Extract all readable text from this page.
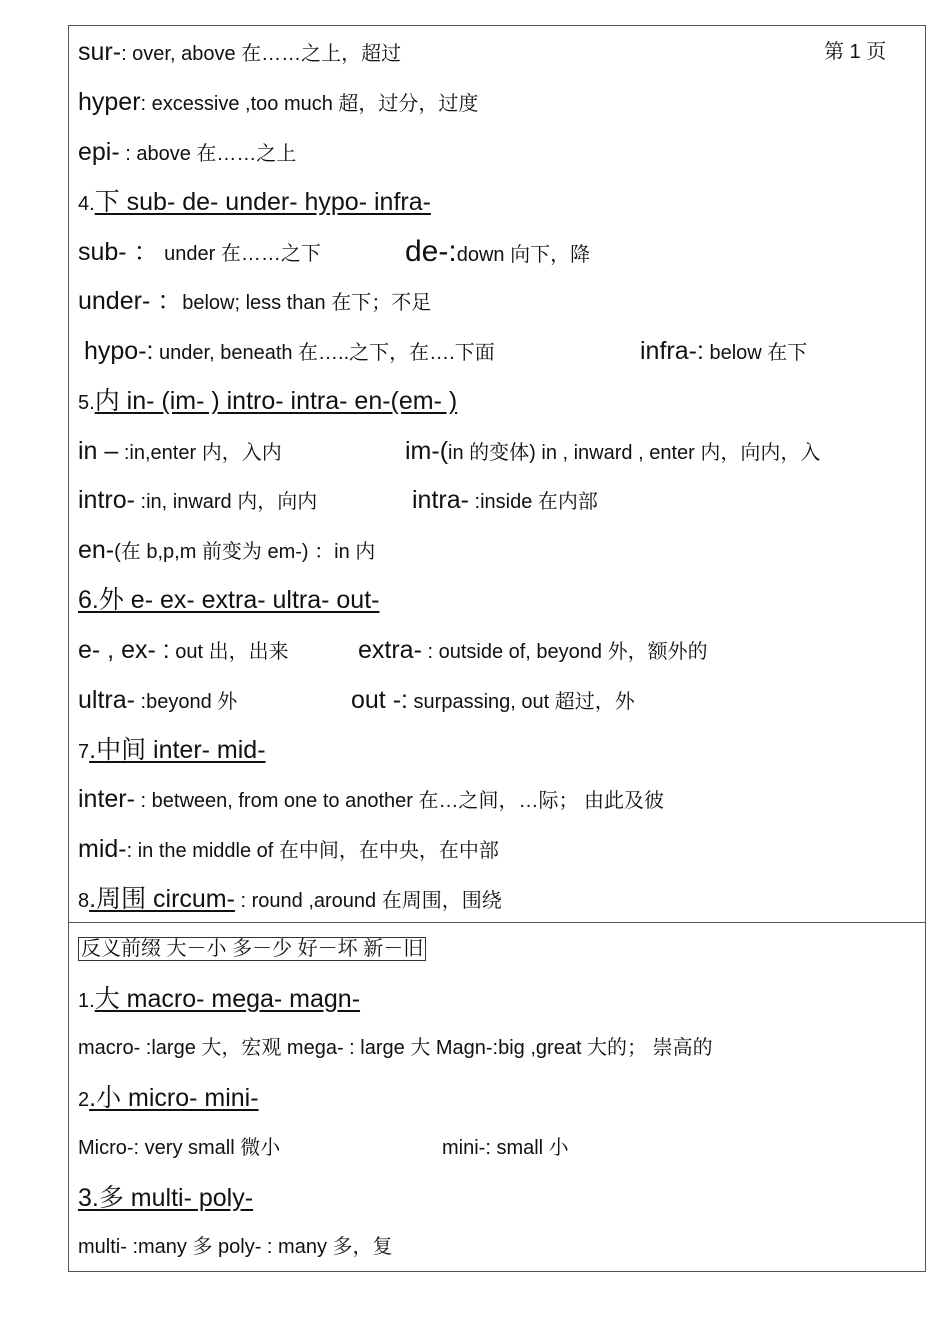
第 1 页
sur-: over, above 在……之上，超过
hyper: excessive ,too much 超，过分，过度
epi- : above 在……之上
4.下 sub- de- under- hypo- infra-
sub- ： under 在……之下	de-:down 向下，降
under- ：below; less than 在下；不足
hypo-: under, beneath 在…..之下，在….下面	infra-: below 在下
5.内 in- (im- ) intro- intra- en-(em- )
in – :in,enter 内，入内	im-(in 的变体) in , inward , enter 内，向内，入
intro- :in, inward 内，向内	intra- :inside 在内部
en-(在 b,p,m 前变为 em-) ：in 内
6.外 e- ex- extra- ultra- out-
e- , ex- : out 出，出来	extra- : outside of, beyond 外，额外的
ultra- :beyond 外	out -: surpassing, out 超过，外
7.中间 inter- mid-
inter- : between, from one to another 在…之间，…际； 由此及彼
mid-: in the middle of 在中间，在中央，在中部
8.周围 circum- : round ,around 在周围，围绕
反义前缀 大－小 多－少 好－坏 新－旧
1.大 macro- mega- magn-
macro- :large 大，宏观 mega- : large 大 Magn-:big ,great 大的； 崇高的
2.小 micro- mini-
Micro-: very small 微小	mini-: small 小
3.多 multi- poly-
multi- :many 多 poly- : many 多，复
